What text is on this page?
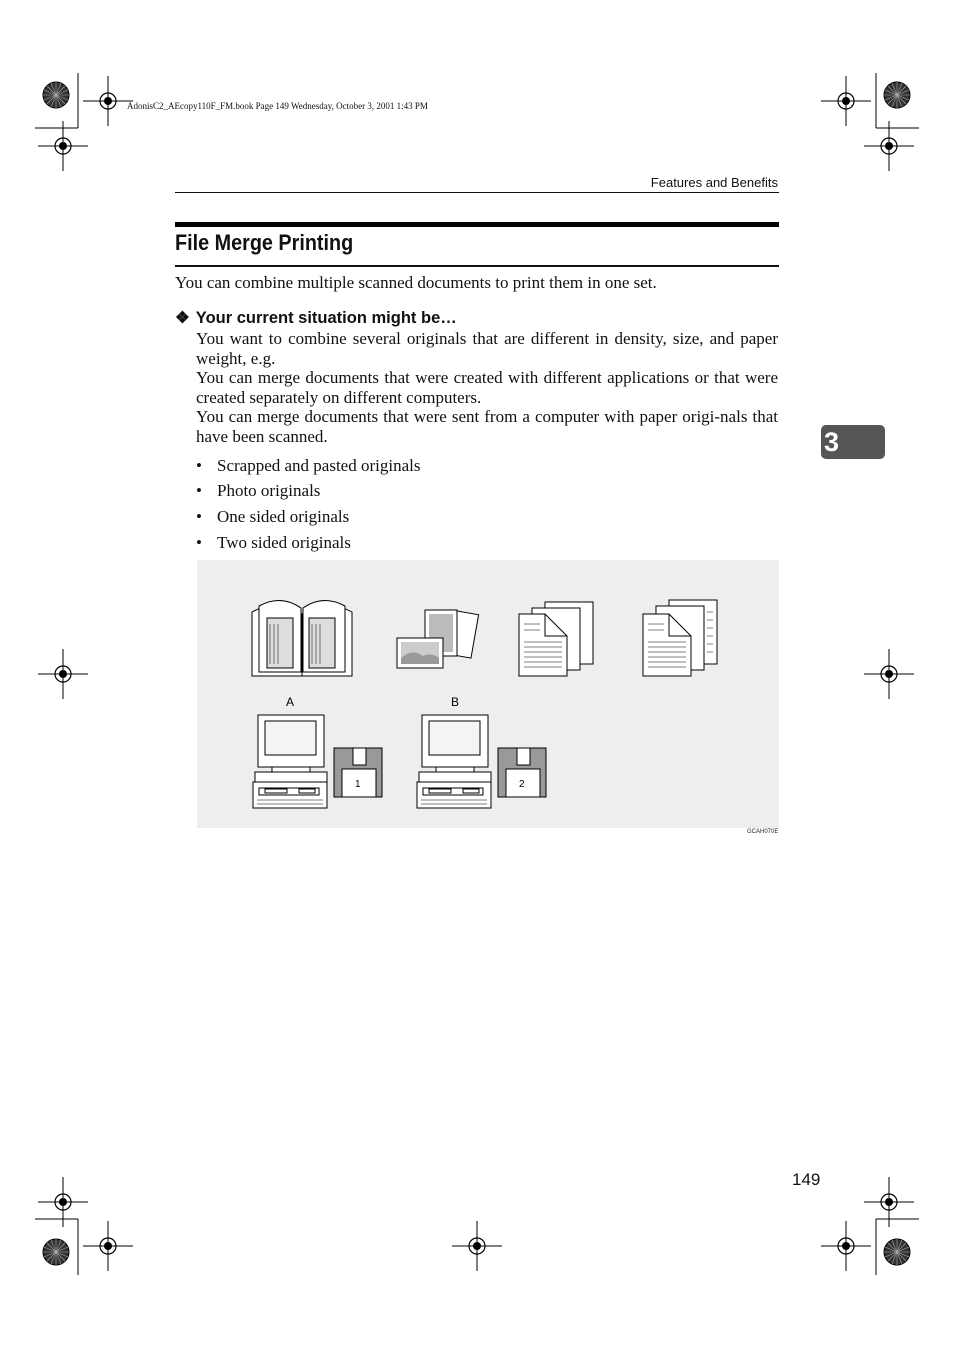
AdonisC2_AEcopy110F_FM.book Page 149 Wednesday, October 3, 2001 1:43 PM
Features and Benefits
File Merge Printing

You can combine multiple scanned documents to print them in one set.

❖ Your current situation might be…

You want to combine several originals that are different in density, size, and paper weight, e.g.

You can merge documents that were created with different applications or that were created separately on different computers.

You can merge documents that were sent from a computer with paper origi-nals that have been scanned.

• Scrapped and pasted originals
• Photo originals
• One sided originals
• Two sided originals
3
A	B
1	2
GCAH070E
149
